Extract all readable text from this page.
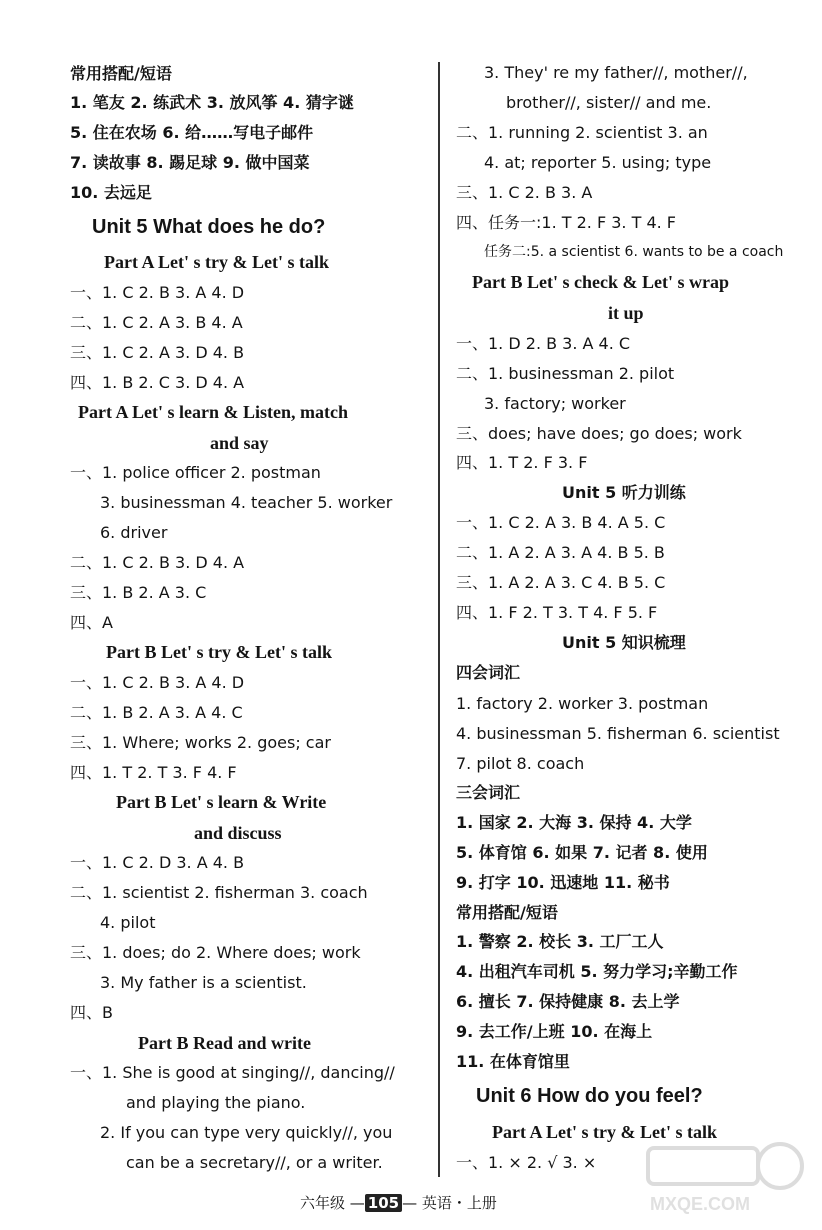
常用搭配/短语
1. 笔友 2. 练武术 3. 放风筝 4. 猜字谜
5. 住在农场 6. 给……写电子邮件
7. 读故事 8. 踢足球 9. 做中国菜
10. 去远足
Unit 5 What does he do?
Part A Let' s try & Let' s talk
一、1. C 2. B 3. A 4. D
二、1. C 2. A 3. B 4. A
三、1. C 2. A 3. D 4. B
四、1. B 2. C 3. D 4. A
Part A Let' s learn & Listen, match
and say
一、1. police officer 2. postman
3. businessman 4. teacher 5. worker
6. driver
二、1. C 2. B 3. D 4. A
三、1. B 2. A 3. C
四、A
Part B Let' s try & Let' s talk
一、1. C 2. B 3. A 4. D
二、1. B 2. A 3. A 4. C
三、1. Where; works 2. goes; car
四、1. T 2. T 3. F 4. F
Part B Let' s learn & Write
and discuss
一、1. C 2. D 3. A 4. B
二、1. scientist 2. fisherman 3. coach
4. pilot
三、1. does; do 2. Where does; work
3. My father is a scientist.
四、B
Part B Read and write
一、1. She is good at singing//, dancing//
and playing the piano.
2. If you can type very quickly//, you
can be a secretary//, or a writer.
3. They' re my father//, mother//,
brother//, sister// and me.
二、1. running 2. scientist 3. an
4. at; reporter 5. using; type
三、1. C 2. B 3. A
四、任务一:1. T 2. F 3. T 4. F
任务二:5. a scientist 6. wants to be a coach
Part B Let' s check & Let' s wrap
it up
一、1. D 2. B 3. A 4. C
二、1. businessman 2. pilot
3. factory; worker
三、does; have does; go does; work
四、1. T 2. F 3. F
Unit 5 听力训练
一、1. C 2. A 3. B 4. A 5. C
二、1. A 2. A 3. A 4. B 5. B
三、1. A 2. A 3. C 4. B 5. C
四、1. F 2. T 3. T 4. F 5. F
Unit 5 知识梳理
四会词汇
1. factory 2. worker 3. postman
4. businessman 5. fisherman 6. scientist
7. pilot 8. coach
三会词汇
1. 国家 2. 大海 3. 保持 4. 大学
5. 体育馆 6. 如果 7. 记者 8. 使用
9. 打字 10. 迅速地 11. 秘书
常用搭配/短语
1. 警察 2. 校长 3. 工厂工人
4. 出租汽车司机 5. 努力学习;辛勤工作
6. 擅长 7. 保持健康 8. 去上学
9. 去工作/上班 10. 在海上
11. 在体育馆里
Unit 6 How do you feel?
Part A Let' s try & Let' s talk
一、1. × 2. √ 3. ×
六年级 — 105 — 英语・上册	MXQE.COM
